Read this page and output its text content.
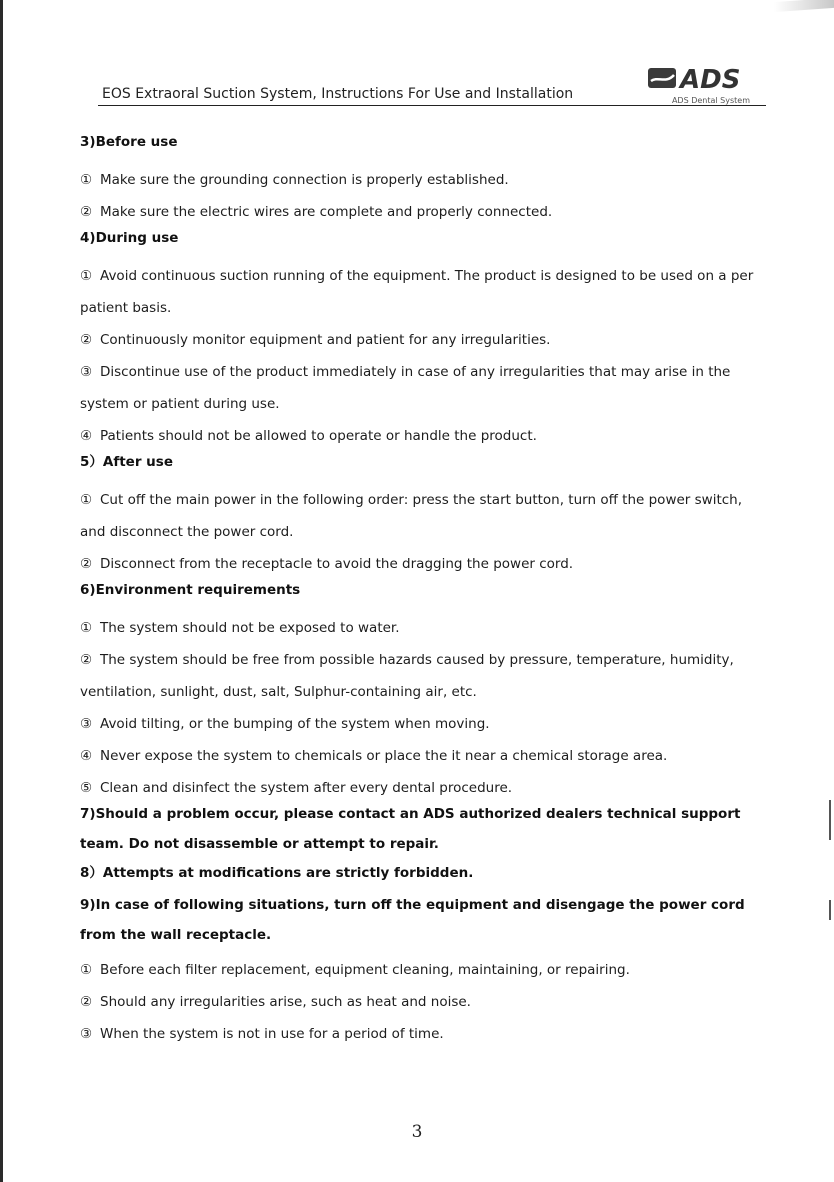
EOS Extraoral Suction System, Instructions For Use and Installation	ADS
ADS Dental System
3)Before use
① Make sure the grounding connection is properly established.
② Make sure the electric wires are complete and properly connected.
4)During use
① Avoid continuous suction running of the equipment. The product is designed to be used on a per patient basis.
② Continuously monitor equipment and patient for any irregularities.
③ Discontinue use of the product immediately in case of any irregularities that may arise in the system or patient during use.
④ Patients should not be allowed to operate or handle the product.
5）After use
① Cut off the main power in the following order: press the start button, turn off the power switch, and disconnect the power cord.
② Disconnect from the receptacle to avoid the dragging the power cord.
6)Environment requirements
① The system should not be exposed to water.
② The system should be free from possible hazards caused by pressure, temperature, humidity, ventilation, sunlight, dust, salt, Sulphur-containing air, etc.
③ Avoid tilting, or the bumping of the system when moving.
④ Never expose the system to chemicals or place the it near a chemical storage area.
⑤ Clean and disinfect the system after every dental procedure.
7)Should a problem occur, please contact an ADS authorized dealers technical support team. Do not disassemble or attempt to repair.
8）Attempts at modifications are strictly forbidden.
9)In case of following situations, turn off the equipment and disengage the power cord from the wall receptacle.
① Before each filter replacement, equipment cleaning, maintaining, or repairing.
② Should any irregularities arise, such as heat and noise.
③ When the system is not in use for a period of time.
3
